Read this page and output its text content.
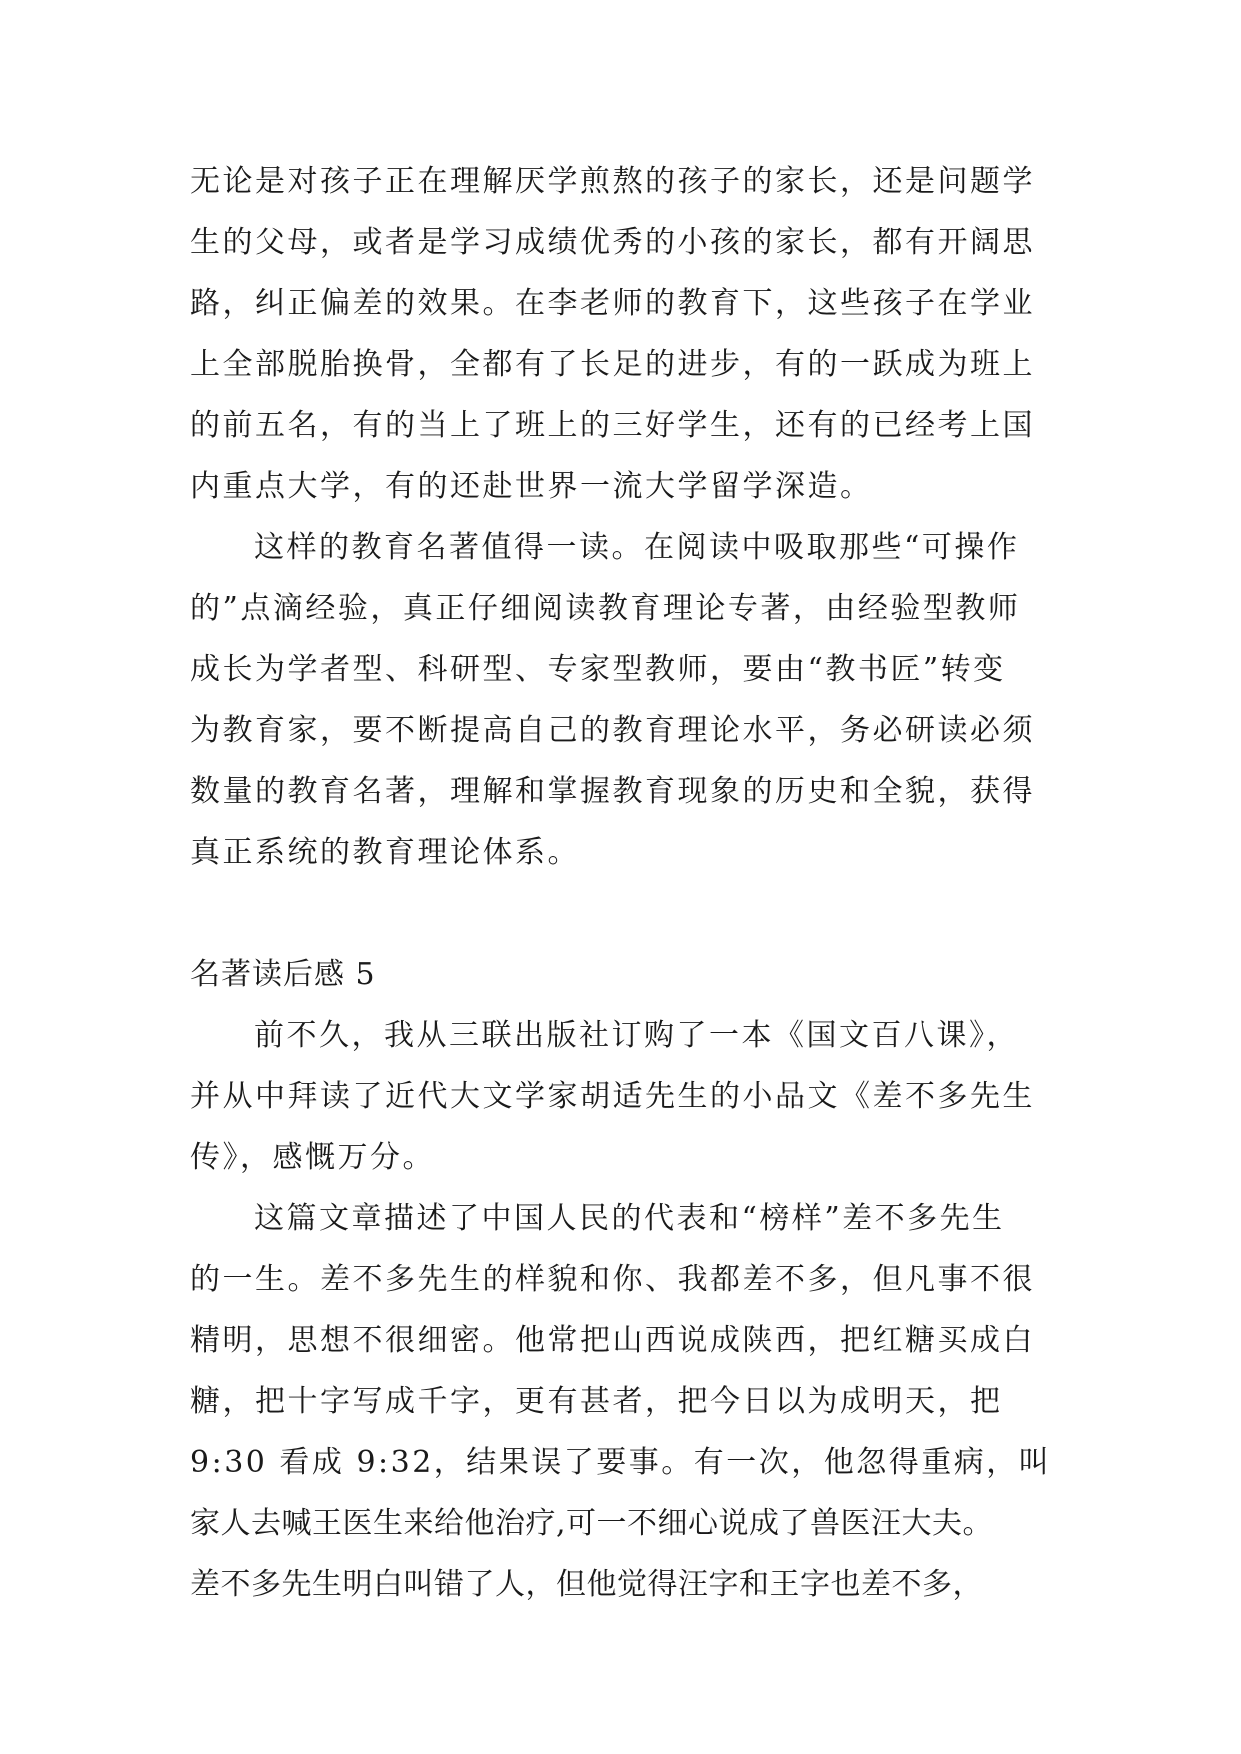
无论是对孩子正在理解厌学煎熬的孩子的家长，还是问题学
生的父母，或者是学习成绩优秀的小孩的家长，都有开阔思
路，纠正偏差的效果。在李老师的教育下，这些孩子在学业
上全部脱胎换骨，全都有了长足的进步，有的一跃成为班上
的前五名，有的当上了班上的三好学生，还有的已经考上国
内重点大学，有的还赴世界一流大学留学深造。
这样的教育名著值得一读。在阅读中吸取那些“可操作
的”点滴经验，真正仔细阅读教育理论专著，由经验型教师
成长为学者型、科研型、专家型教师，要由“教书匠”转变
为教育家，要不断提高自己的教育理论水平，务必研读必须
数量的教育名著，理解和掌握教育现象的历史和全貌，获得
真正系统的教育理论体系。
名著读后感 5
前不久，我从三联出版社订购了一本《国文百八课》，
并从中拜读了近代大文学家胡适先生的小品文《差不多先生
传》，感慨万分。
这篇文章描述了中国人民的代表和“榜样”差不多先生
的一生。差不多先生的样貌和你、我都差不多，但凡事不很
精明，思想不很细密。他常把山西说成陕西，把红糖买成白
糖，把十字写成千字，更有甚者，把今日以为成明天，把
9:30 看成 9:32，结果误了要事。有一次，他忽得重病，叫
家人去喊王医生来给他治疗,可一不细心说成了兽医汪大夫。
差不多先生明白叫错了人，但他觉得汪字和王字也差不多，
